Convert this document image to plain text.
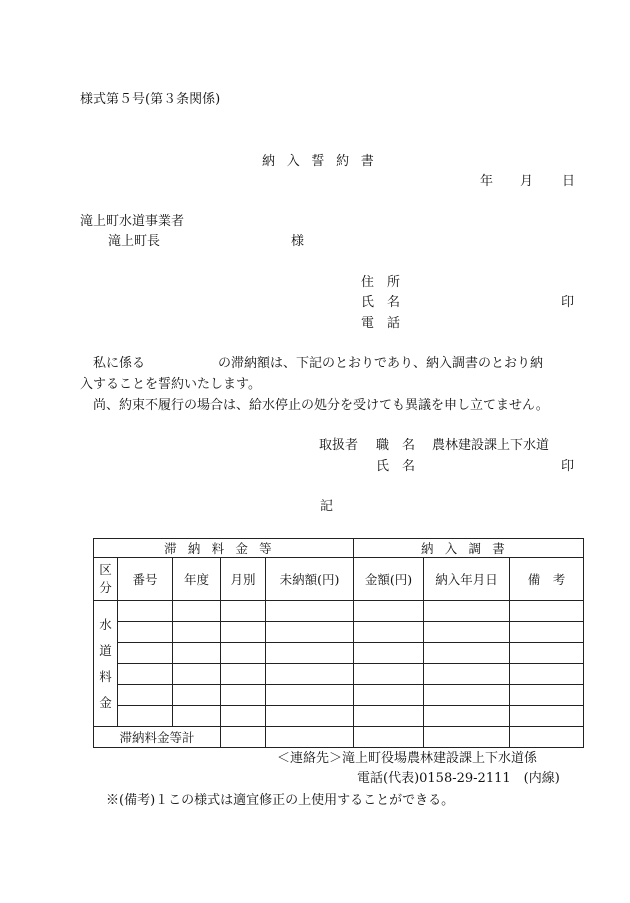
様式第５号(第３条関係)
納入誓約書
年 月 日
滝上町水道事業者
滝上町長	様
住　所
氏　名	印
電　話
私に係る	の滞納額は、下記のとおりであり、納入調書のとおり納
入することを誓約いたします。
尚、約束不履行の場合は、給水停止の処分を受けても異議を申し立てません。
取扱者 職　名 農林建設課上下水道
氏　名	印
記
滞納料金等					納入調書		

区分	番号	年度	月別	未納額(円)	金額(円)	納入年月日	備　考

水道料金							

滞納料金等計							
＜連絡先＞滝上町役場農林建設課上下水道係
電話(代表)0158-29-2111　(内線)
※(備考)１この様式は適宜修正の上使用することができる。
